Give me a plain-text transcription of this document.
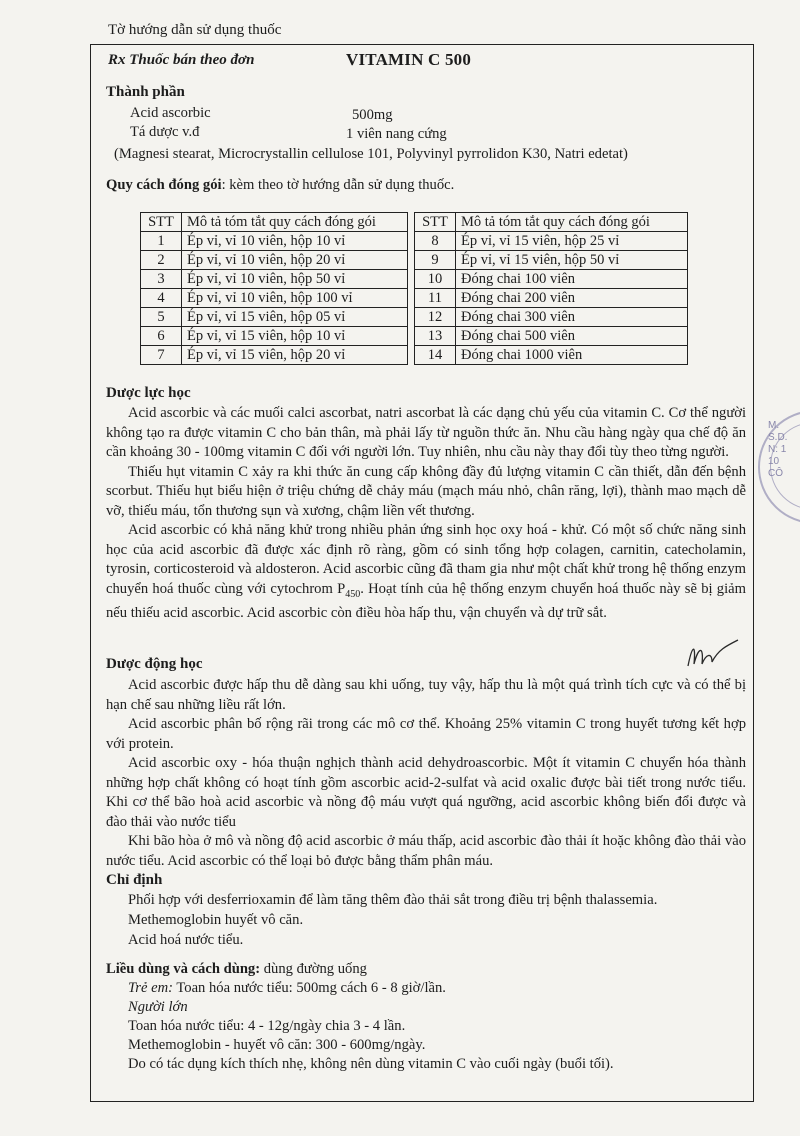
Tờ hướng dẫn sử dụng thuốc
Rx Thuốc bán theo đơn	VITAMIN C 500
Thành phần
Acid ascorbic	500mg
Tá dược v.đ	1 viên nang cứng
(Magnesi stearat, Microcrystallin cellulose 101, Polyvinyl pyrrolidon K30, Natri edetat)
Quy cách đóng gói: kèm theo tờ hướng dẫn sử dụng thuốc.
STT	Mô tả tóm tắt quy cách đóng gói
1	Ép vỉ, vỉ 10 viên, hộp 10 vỉ
2	Ép vỉ, vỉ 10 viên, hộp 20 vỉ
3	Ép vỉ, vỉ 10 viên, hộp 50 vỉ
4	Ép vỉ, vỉ 10 viên, hộp 100 vỉ
5	Ép vỉ, vỉ 15 viên, hộp 05 vỉ
6	Ép vỉ, vỉ 15 viên, hộp 10 vỉ
7	Ép vỉ, vỉ 15 viên, hộp 20 vỉ
STT	Mô tả tóm tắt quy cách đóng gói
8	Ép vỉ, vỉ 15 viên, hộp 25 vỉ
9	Ép vỉ, vỉ 15 viên, hộp 50 vỉ
10	Đóng chai 100 viên
11	Đóng chai 200 viên
12	Đóng chai 300 viên
13	Đóng chai 500 viên
14	Đóng chai 1000 viên
Dược lực học

Acid ascorbic và các muối calci ascorbat, natri ascorbat là các dạng chủ yếu của vitamin C. Cơ thể người không tạo ra được vitamin C cho bản thân, mà phải lấy từ nguồn thức ăn. Nhu cầu hàng ngày qua chế độ ăn cần khoảng 30 - 100mg vitamin C đối với người lớn. Tuy nhiên, nhu cầu này thay đổi tùy theo từng người.

Thiếu hụt vitamin C xảy ra khi thức ăn cung cấp không đầy đủ lượng vitamin C cần thiết, dẫn đến bệnh scorbut. Thiếu hụt biểu hiện ở triệu chứng dễ chảy máu (mạch máu nhỏ, chân răng, lợi), thành mao mạch dễ vỡ, thiếu máu, tổn thương sụn và xương, chậm liền vết thương.

Acid ascorbic có khả năng khử trong nhiều phản ứng sinh học oxy hoá - khử. Có một số chức năng sinh học của acid ascorbic đã được xác định rõ ràng, gồm có sinh tổng hợp colagen, carnitin, catecholamin, tyrosin, corticosteroid và aldosteron. Acid ascorbic cũng đã tham gia như một chất khử trong hệ thống enzym chuyển hoá thuốc cùng với cytochrom $P_{450}$. Hoạt tính của hệ thống enzym chuyển hoá thuốc này sẽ bị giảm nếu thiếu acid ascorbic. Acid ascorbic còn điều hòa hấp thu, vận chuyển và dự trữ sắt.

Dược động học

Acid ascorbic được hấp thu dễ dàng sau khi uống, tuy vậy, hấp thu là một quá trình tích cực và có thể bị hạn chế sau những liều rất lớn.

Acid ascorbic phân bố rộng rãi trong các mô cơ thể. Khoảng 25% vitamin C trong huyết tương kết hợp với protein.

Acid ascorbic oxy - hóa thuận nghịch thành acid dehydroascorbic. Một ít vitamin C chuyển hóa thành những hợp chất không có hoạt tính gồm ascorbic acid-2-sulfat và acid oxalic được bài tiết trong nước tiểu. Khi cơ thể bão hoà acid ascorbic và nồng độ máu vượt quá ngưỡng, acid ascorbic không biến đổi được và đào thải vào nước tiểu

Khi bão hòa ở mô và nồng độ acid ascorbic ở máu thấp, acid ascorbic đào thải ít hoặc không đào thải vào nước tiểu. Acid ascorbic có thể loại bỏ được bằng thẩm phân máu.

Chỉ định
Phối hợp với desferrioxamin để làm tăng thêm đào thải sắt trong điều trị bệnh thalassemia.
Methemoglobin huyết vô căn.
Acid hoá nước tiểu.
Liều dùng và cách dùng: dùng đường uống
Trẻ em: Toan hóa nước tiểu: 500mg cách 6 - 8 giờ/lần.
Người lớn
Toan hóa nước tiểu: 4 - 12g/ngày chia 3 - 4 lần.
Methemoglobin - huyết vô căn: 300 - 600mg/ngày.
Do có tác dụng kích thích nhẹ, không nên dùng vitamin C vào cuối ngày (buổi tối).
M.S.D.N: 110 CÔ
